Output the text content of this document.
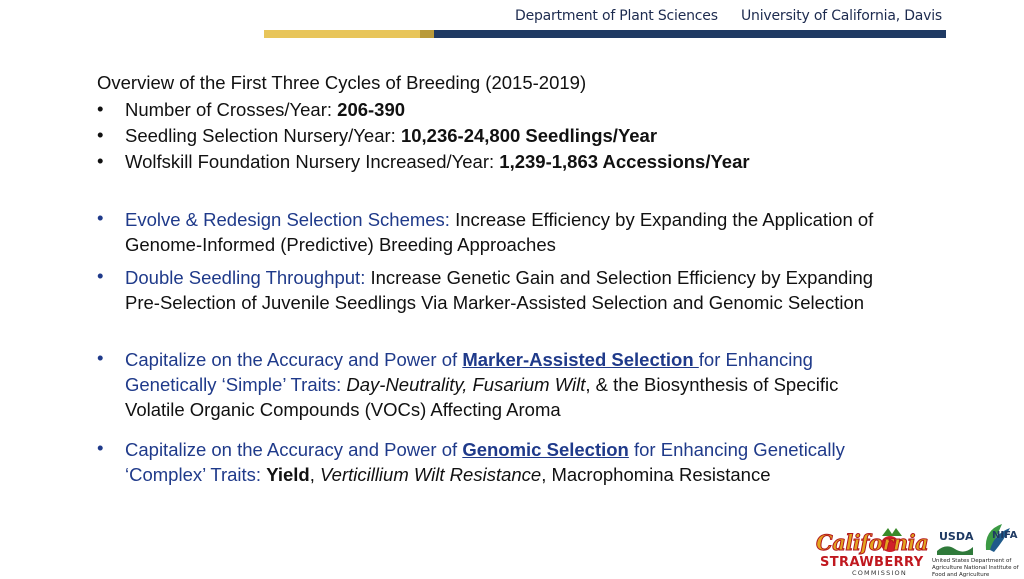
Department of Plant Sciences University of California, Davis
Overview of the First Three Cycles of Breeding (2015-2019)
• Number of Crosses/Year: 206-390
• Seedling Selection Nursery/Year: 10,236-24,800 Seedlings/Year
• Wolfskill Foundation Nursery Increased/Year: 1,239-1,863 Accessions/Year
• Evolve & Redesign Selection Schemes: Increase Efficiency by Expanding the Application of Genome-Informed (Predictive) Breeding Approaches
• Double Seedling Throughput: Increase Genetic Gain and Selection Efficiency by Expanding Pre-Selection of Juvenile Seedlings Via Marker-Assisted Selection and Genomic Selection
• Capitalize on the Accuracy and Power of Marker-Assisted Selection for Enhancing Genetically ‘Simple’ Traits: Day-Neutrality, Fusarium Wilt, & the Biosynthesis of Specific Volatile Organic Compounds (VOCs) Affecting Aroma
• Capitalize on the Accuracy and Power of Genomic Selection for Enhancing Genetically ‘Complex’ Traits: Yield, Verticillium Wilt Resistance, Macrophomina Resistance
California
STRAWBERRY
COMMISSION
USDA NIFA
United States Department of Agriculture National Institute of Food and Agriculture
